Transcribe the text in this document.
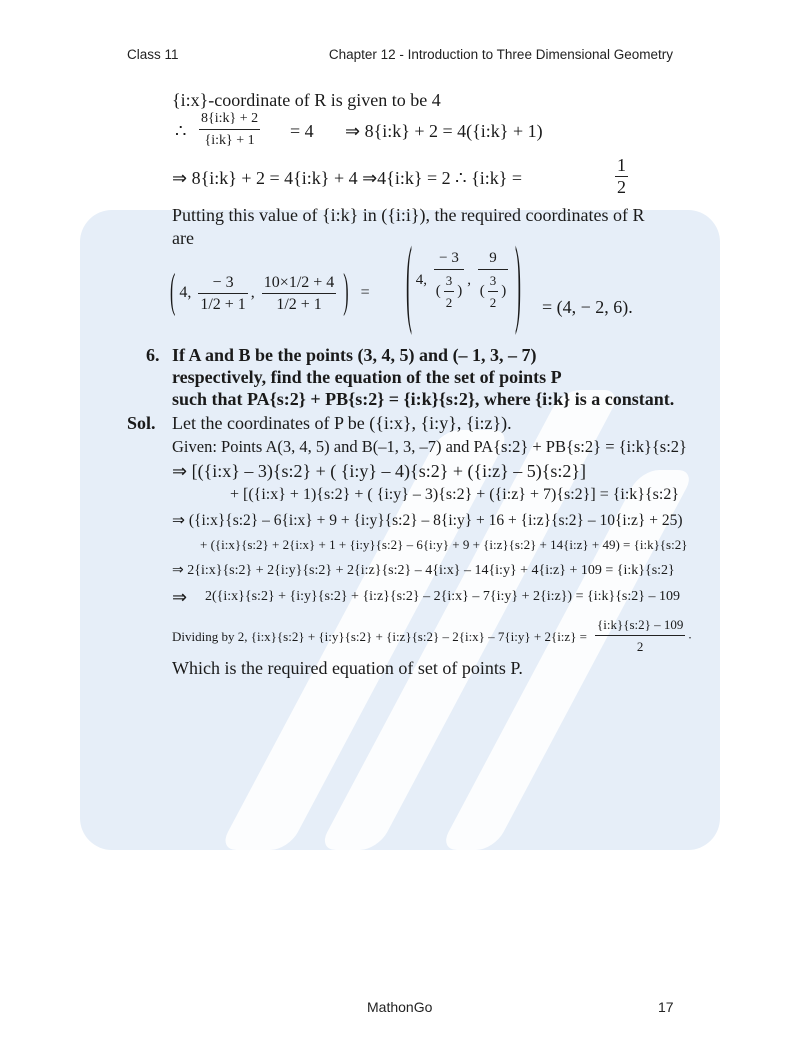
Class 11	Chapter 12 - Introduction to Three Dimensional Geometry
{i:x}-coordinate of R is given to be 4
∴ $\frac{8\{i:k\} + 2}{\{i:k\} + 1} = 4$ ⇒ 8{i:k} + 2 = 4({i:k} + 1)
⇒ 8{i:k} + 2 = 4{i:k} + 4 ⇒4{i:k} = 2 ∴ {i:k} =	$\frac{1}{2}$
Putting this value of {i:k} in ({i:i}), the required coordinates of R
are
( 4, $\frac{- 3}{1/2 + 1}$ , $\frac{10\times 1/2 + 4}{1/2 + 1}$ ) =	( 4, $\frac{- 3}{( \frac{3}{2} )}$ , $\frac{9}{( \frac{3}{2} )}$ ) = (4, − 2, 6).
6. If A and B be the points (3, 4, 5) and (– 1, 3, – 7)
respectively, find the equation of the set of points P
such that PA{s:2} + PB{s:2} = {i:k}{s:2}, where {i:k} is a constant.
Sol. Let the coordinates of P be ({i:x}, {i:y}, {i:z}).
Given: Points A(3, 4, 5) and B(–1, 3, –7) and PA{s:2} + PB{s:2} = {i:k}{s:2}
⇒ [({i:x} – 3){s:2} + ( {i:y} – 4){s:2} + ({i:z} – 5){s:2}]
+ [({i:x} + 1){s:2} + ( {i:y} – 3){s:2} + ({i:z} + 7){s:2}] = {i:k}{s:2}
⇒ ({i:x}{s:2} – 6{i:x} + 9 + {i:y}{s:2} – 8{i:y} + 16 + {i:z}{s:2} – 10{i:z} + 25)
+ ({i:x}{s:2} + 2{i:x} + 1 + {i:y}{s:2} – 6{i:y} + 9 + {i:z}{s:2} + 14{i:z} + 49) = {i:k}{s:2}
⇒ 2{i:x}{s:2} + 2{i:y}{s:2} + 2{i:z}{s:2} – 4{i:x} – 14{i:y} + 4{i:z} + 109 = {i:k}{s:2}
⇒ 2({i:x}{s:2} + {i:y}{s:2} + {i:z}{s:2} – 2{i:x} – 7{i:y} + 2{i:z}) = {i:k}{s:2} – 109
Dividing by 2, {i:x}{s:2} + {i:y}{s:2} + {i:z}{s:2} – 2{i:x} – 7{i:y} + 2{i:z} = $\frac{\{i:k\}\{s:2\} - 109}{2}$ .
Which is the required equation of set of points P.
MathonGo	17
